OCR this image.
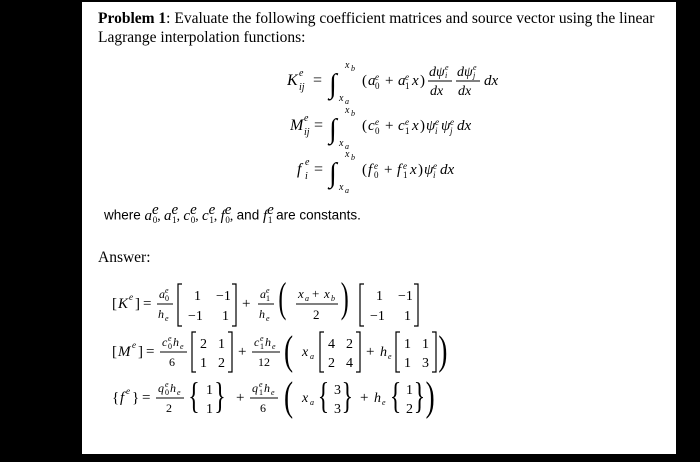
Problem 1: Evaluate the following coefficient matrices and source vector using the linear Lagrange interpolation functions:
K e
ij = ∫
x b
x a
( a e
0 + a e
1 x )
dψ e
i
dx
dψ e
j
dx
dx
M e
ij = ∫
x b
x a
( c e
0 + c e
1 x ) ψ e
i ψ e
j dx
f e
i = ∫
x b
x a
( f e
0 + f e
1 x ) ψ e
i dx
where $a^e_0$, $a^e_1$, $c^e_0$, $c^e_1$, $f^e_0$, and $f^e_1$ are constants.
Answer:
[ K e ] =
a e
0
h e
1 −1
−1 1
+
a e
1
h e ( x a + x b
2 ) 1 −1
−1 1
[ M e ] =
c e
0 h e
6
2 1
1 2
+
c e
1 h e
12 ( x a
4 2
2 4
+ h e
1 1
1 3 )
{ f e } =
q e
0 h e
2 { 1
1 } +
q e
1 h e
6 ( x a { 3
3 } + h e { 1
2 } )
